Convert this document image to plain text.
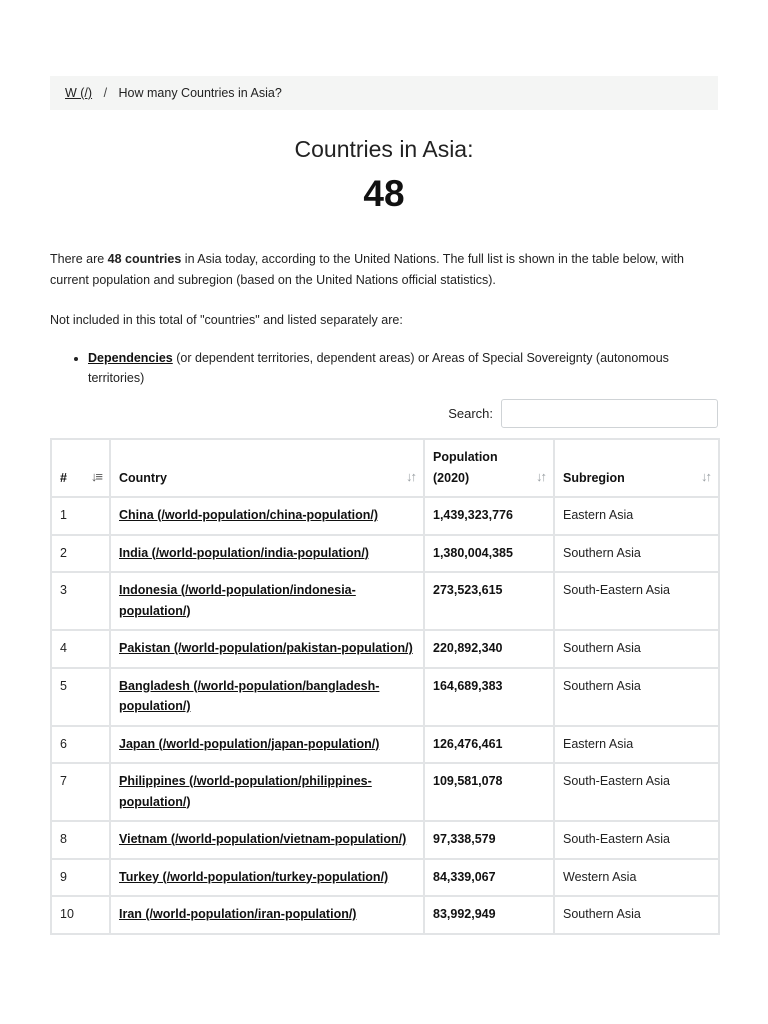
W (/) / How many Countries in Asia?
Countries in Asia:
48
There are 48 countries in Asia today, according to the United Nations. The full list is shown in the table below, with current population and subregion (based on the United Nations official statistics).
Not included in this total of "countries" and listed separately are:
• Dependencies (or dependent territories, dependent areas) or Areas of Special Sovereignty (autonomous territories)
Search:
# ↓≡	Country ↓↑	Population (2020) ↓↑	Subregion ↓↑

1	China (/world-population/china-population/)	1,439,323,776	Eastern Asia
2	India (/world-population/india-population/)	1,380,004,385	Southern Asia
3	Indonesia (/world-population/indonesia-population/)	273,523,615	South-Eastern Asia
4	Pakistan (/world-population/pakistan-population/)	220,892,340	Southern Asia
5	Bangladesh (/world-population/bangladesh-population/)	164,689,383	Southern Asia
6	Japan (/world-population/japan-population/)	126,476,461	Eastern Asia
7	Philippines (/world-population/philippines-population/)	109,581,078	South-Eastern Asia
8	Vietnam (/world-population/vietnam-population/)	97,338,579	South-Eastern Asia
9	Turkey (/world-population/turkey-population/)	84,339,067	Western Asia
10	Iran (/world-population/iran-population/)	83,992,949	Southern Asia
